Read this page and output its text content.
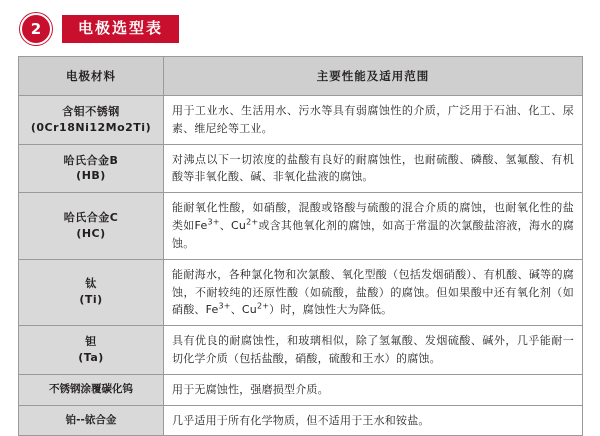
2	电极选型表
电极材料	主要性能及适用范围

含钼不锈钢
(0Cr18Ni12Mo2Ti)	用于工业水、生活用水、污水等具有弱腐蚀性的介质，广泛用于石油、化工、尿素、维尼纶等工业。

哈氏合金B
(HB)	对沸点以下一切浓度的盐酸有良好的耐腐蚀性，也耐硫酸、磷酸、氢氟酸、有机酸等非氧化酸、碱、非氧化盐液的腐蚀。

哈氏合金C
(HC)	能耐氧化性酸，如硝酸，混酸或铬酸与硫酸的混合介质的腐蚀，也耐氧化性的盐类如$Fe^{3+}$、$Cu^{2+}$或含其他氧化剂的腐蚀，如高于常温的次氯酸盐溶液，海水的腐蚀。

钛
(Ti)	能耐海水，各种氯化物和次氯酸、氧化型酸（包括发烟硝酸）、有机酸、碱等的腐蚀，不耐较纯的还原性酸（如硫酸，盐酸）的腐蚀。但如果酸中还有氧化剂（如硝酸、$Fe^{3+}$、$Cu^{2+}$）时，腐蚀性大为降低。

钽
(Ta)	具有优良的耐腐蚀性，和玻璃相似，除了氢氟酸、发烟硫酸、碱外，几乎能耐一切化学介质（包括盐酸，硝酸，硫酸和王水）的腐蚀。
不锈钢涂覆碳化钨	用于无腐蚀性，强磨损型介质。
铂--铱合金	几乎适用于所有化学物质，但不适用于王水和铵盐。
